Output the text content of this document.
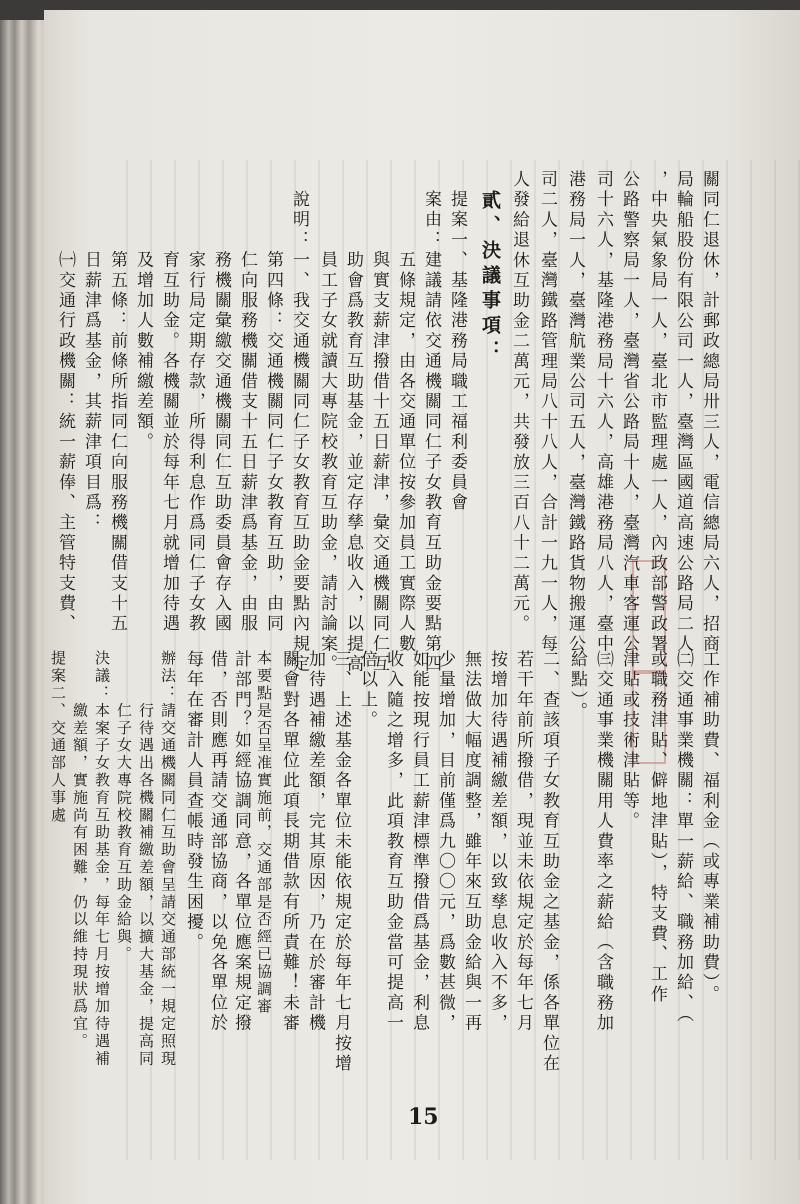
關同仁退休，計郵政總局卅三人，電信總局六人，招商

局輪船股份有限公司一人，臺灣區國道高速公路局二人

，中央氣象局一人，臺北市監理處一人，內政部警政署

公路警察局一人，臺灣省公路局十人，臺灣汽車客運公

司十六人，基隆港務局十六人，高雄港務局八人，臺中

港務局一人，臺灣航業公司五人，臺灣鐵路貨物搬運公

司二人，臺灣鐵路管理局八十八人，合計一九一人，每

人發給退休互助金二萬元，共發放三百八十二萬元。

貳、決議事項：

提案一、基隆港務局職工福利委員會

案由：建議請依交通機關同仁子女教育互助金要點第四

　　　五條規定，由各交通單位按參加員工實際人數

　　　與實支薪津撥借十五日薪津，彙交通機關同仁互

　　　助會爲教育互助基金，並定存孳息收入，以提高

　　　員工子女就讀大專院校教育互助金，請討論案。

說明：一、我交通機關同仁子女教育互助金要點內規定

　　　第四條：交通機關同仁子女教育互助，由同

　　　仁向服務機關借支十五日薪津爲基金，由服

　　　務機關彙繳交通機關同仁互助委員會存入國

　　　家行局定期存款，所得利息作爲同仁子女教

　　　育互助金。各機關並於每年七月就增加待遇

　　　及增加人數補繳差額。

　　　第五條：前條所指同仁向服務機關借支十五

　　　日薪津爲基金，其薪津項目爲：

　　　㈠交通行政機關：統一薪俸、主管特支費、

工作補助費、福利金（或專業補助費）。

㈡交通事業機關：單一薪給、職務加給、（

或職務津貼、僻地津貼），特支費、工作

津貼或技術津貼等。

㈢交通事業機關用人費率之薪給（含職務加

給點）。

二、查該項子女教育互助金之基金，係各單位在

若干年前所撥借，現並未依規定於每年七月

按增加待遇補繳差額，以致孳息收入不多，

無法做大幅度調整，雖年來互助金給與一再

少量增加，目前僅爲九〇〇元，爲數甚微，

如能按現行員工薪津標準撥借爲基金，利息

收入隨之增多，此項教育互助金當可提高一

倍以上。

三、上述基金各單位未能依規定於每年七月按增

加待遇補繳差額，完其原因，乃在於審計機

關會對各單位此項長期借款有所責難！未審

本要點是否呈准實施前，交通部是否經已協調審

計部門？如經協調同意，各單位應案規定撥

借，否則應再請交通部協商，以免各單位於

每年在審計人員查帳時發生困擾。

辦法：請交通機關同仁互助會呈請交通部統一規定照現

　　　行待遇出各機關補繳差額，以擴大基金，提高同

　　　仁子女大專院校教育互助金給與。

決議：本案子女教育互助基金，每年七月按增加待遇補

　　　繳差額，實施尚有困難，仍以維持現狀爲宜。

提案二、交通部人事處

15
